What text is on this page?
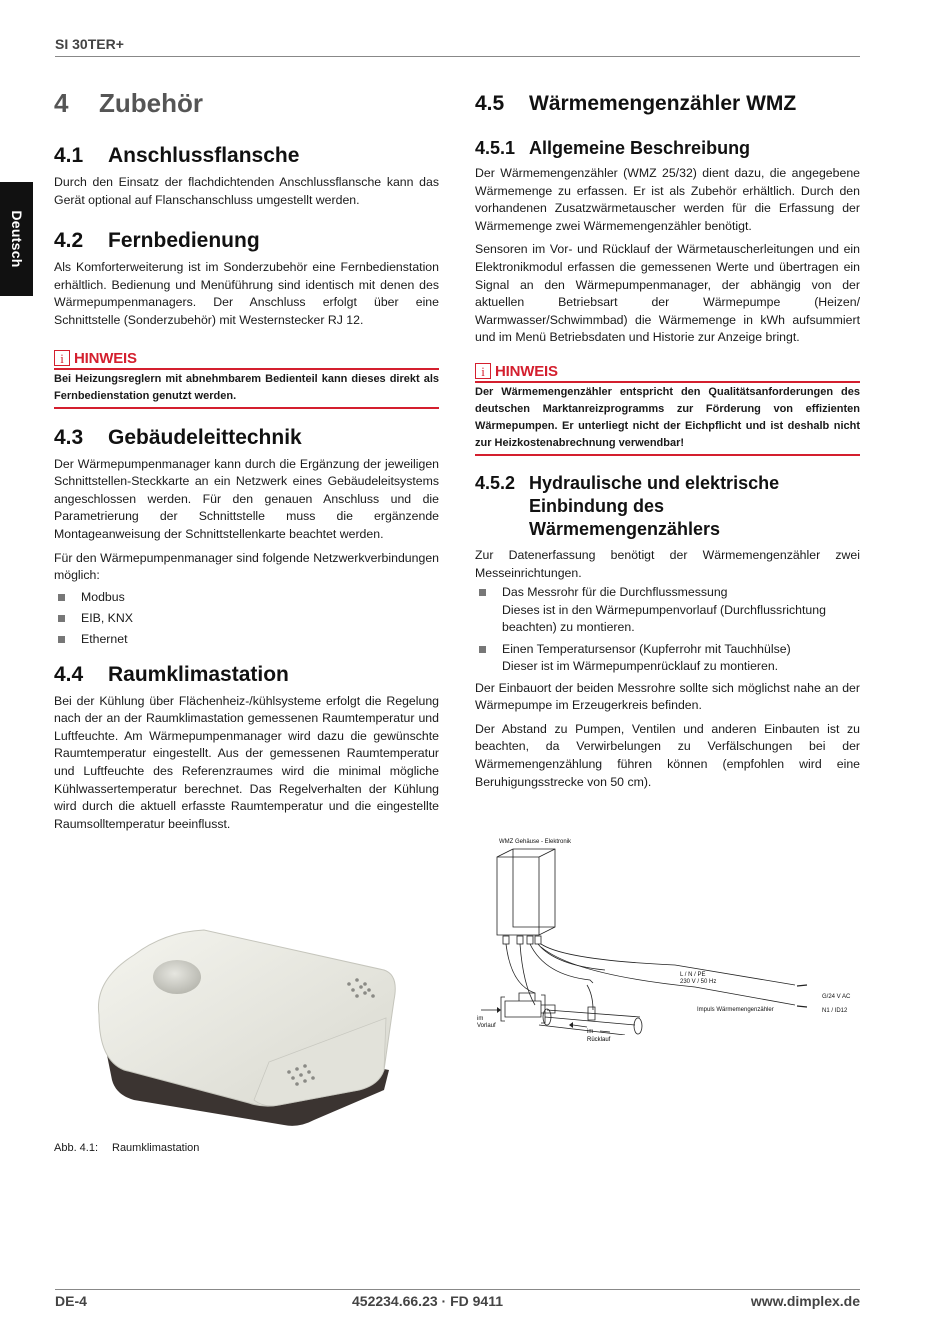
SI 30TER+
Deutsch
4 Zubehör
4.1 Anschlussflansche

Durch den Einsatz der flachdichtenden Anschlussflansche kann das Gerät optional auf Flanschanschluss umgestellt werden.

4.2 Fernbedienung

Als Komforterweiterung ist im Sonderzubehör eine Fernbedienstation erhältlich. Bedienung und Menüführung sind identisch mit denen des Wärmepumpenmanagers. Der Anschluss erfolgt über eine Schnittstelle (Sonderzubehör) mit Westernstecker RJ 12.

i HINWEIS
Bei Heizungsreglern mit abnehmbarem Bedienteil kann dieses direkt als Fernbedienstation genutzt werden.
4.3 Gebäudeleittechnik

Der Wärmepumpenmanager kann durch die Ergänzung der jeweiligen Schnittstellen-Steckkarte an ein Netzwerk eines Gebäudeleitsystems angeschlossen werden. Für den genauen Anschluss und die Parametrierung der Schnittstelle muss die ergänzende Montageanweisung der Schnittstellenkarte beachtet werden.

Für den Wärmepumpenmanager sind folgende Netzwerkverbindungen möglich:

Modbus
EIB, KNX
Ethernet
4.4 Raumklimastation

Bei der Kühlung über Flächenheiz-/kühlsysteme erfolgt die Regelung nach der an der Raumklimastation gemessenen Raumtemperatur und Luftfeuchte. Am Wärmepumpenmanager wird dazu die gewünschte Raumtemperatur eingestellt. Aus der gemessenen Raumtemperatur und Luftfeuchte des Referenzraumes wird die minimal mögliche Kühlwassertemperatur berechnet. Das Regelverhalten der Kühlung wird durch die aktuell erfasste Raumtemperatur und die eingestellte Raumsolltemperatur beeinflusst.

Abb. 4.1: Raumklimastation
4.5 Wärmemengenzähler WMZ
4.5.1 Allgemeine Beschreibung

Der Wärmemengenzähler (WMZ 25/32) dient dazu, die angegebene Wärmemenge zu erfassen. Er ist als Zubehör erhältlich. Durch den vorhandenen Zusatzwärmetauscher werden für die Erfassung der Wärmemenge zwei Wärmemengenzähler benötigt.

Sensoren im Vor- und Rücklauf der Wärmetauscherleitungen und ein Elektronikmodul erfassen die gemessenen Werte und übertragen ein Signal an den Wärmepumpenmanager, der abhängig von der aktuellen Betriebsart der Wärmepumpe (Heizen/ Warmwasser/Schwimmbad) die Wärmemenge in kWh aufsummiert und im Menü Betriebsdaten und Historie zur Anzeige bringt.

i HINWEIS
Der Wärmemengenzähler entspricht den Qualitätsanforderungen des deutschen Marktanreizprogramms zur Förderung von effizienten Wärmepumpen. Er unterliegt nicht der Eichpflicht und ist deshalb nicht zur Heizkostenabrechnung verwendbar!
4.5.2 Hydraulische und elektrische Einbindung des Wärmemengenzählers

Zur Datenerfassung benötigt der Wärmemengenzähler zwei Messeinrichtungen.

Das Messrohr für die Durchflussmessung
Dieses ist in den Wärmepumpenvorlauf (Durchflussrichtung beachten) zu montieren.
Einen Temperatursensor (Kupferrohr mit Tauchhülse)
Dieser ist im Wärmepumpenrücklauf zu montieren.

Der Einbauort der beiden Messrohre sollte sich möglichst nahe an der Wärmepumpe im Erzeugerkreis befinden.

Der Abstand zu Pumpen, Ventilen und anderen Einbauten ist zu beachten, da Verwirbelungen zu Verfälschungen bei der Wärmemengenzählung führen können (empfohlen wird eine Beruhigungsstrecke von 50 cm).

WMZ Gehäuse - Elektronik
L / N / PE
230 V / 50 Hz
Impuls Wärmemengenzähler
G/24 V AC
N1 / ID12
im
Vorlauf
im
Rücklauf
DE-4	452234.66.23 · FD 9411	www.dimplex.de
